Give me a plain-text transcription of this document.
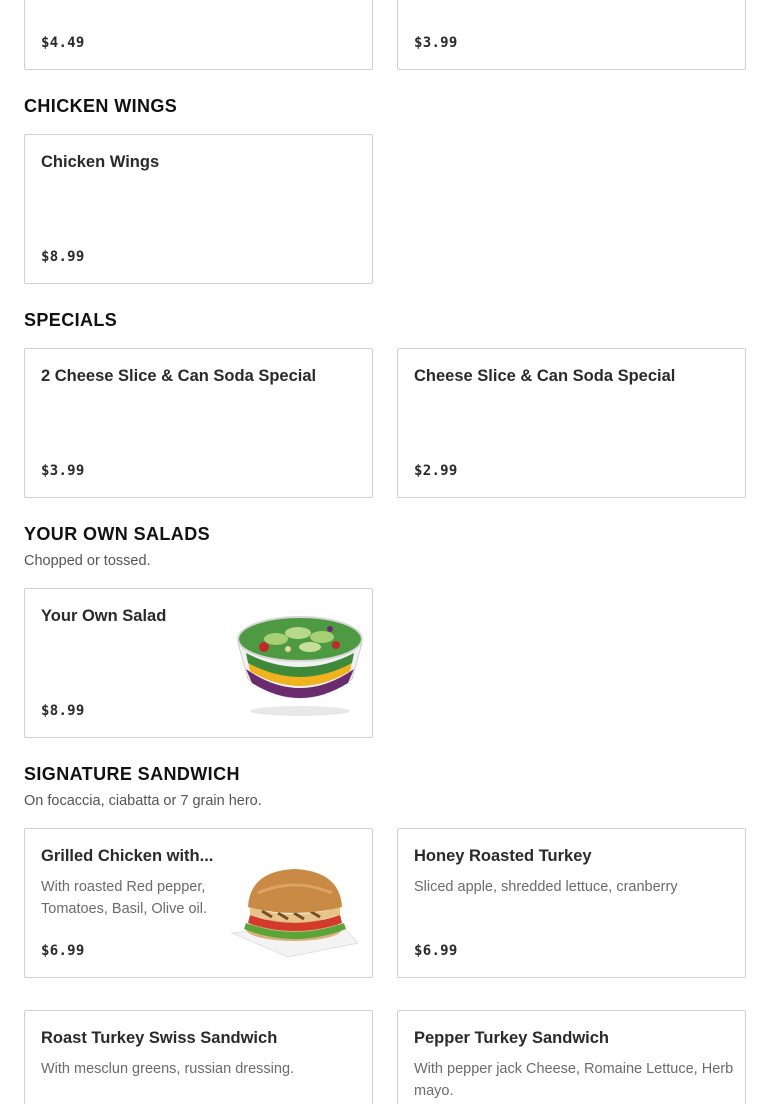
$4.49	$3.99
CHICKEN WINGS
Chicken Wings
$8.99
SPECIALS
2 Cheese Slice & Can Soda Special
$3.99
Cheese Slice & Can Soda Special
$2.99
YOUR OWN SALADS
Chopped or tossed.
Your Own Salad
$8.99
SIGNATURE SANDWICH
On focaccia, ciabatta or 7 grain hero.
Grilled Chicken with...
With roasted Red pepper,
Tomatoes, Basil, Olive oil.
$6.99
Honey Roasted Turkey
Sliced apple, shredded lettuce, cranberry
$6.99
Roast Turkey Swiss Sandwich
With mesclun greens, russian dressing.
Pepper Turkey Sandwich
With pepper jack Cheese, Romaine Lettuce, Herb
mayo.
